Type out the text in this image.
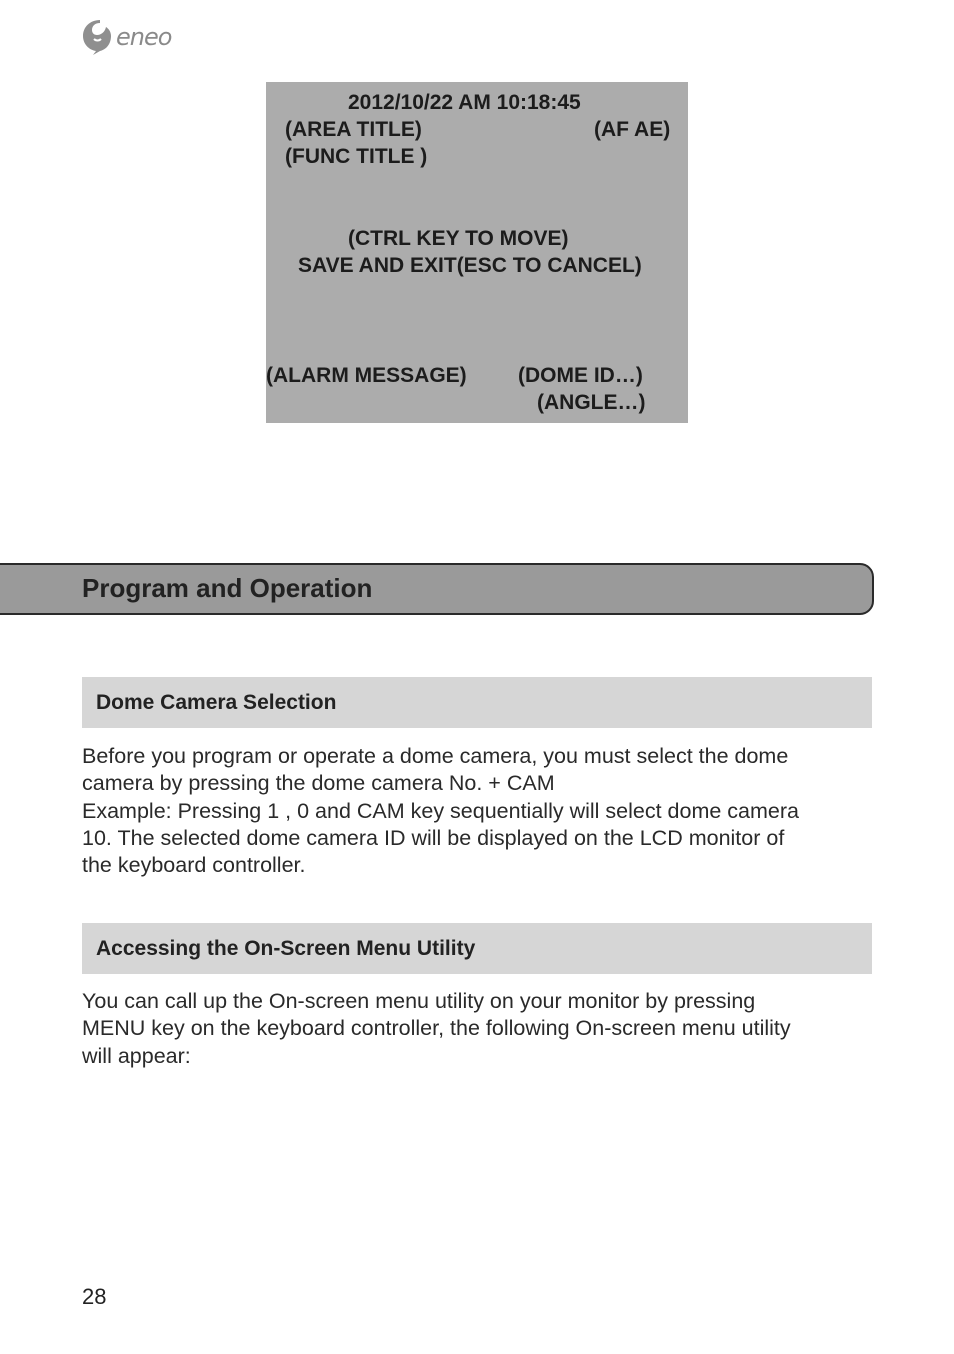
eneo
2012/10/22 AM 10:18:45
(AREA TITLE)	(AF AE)
(FUNC TITLE )
(CTRL KEY TO MOVE)
SAVE AND EXIT(ESC TO CANCEL)
(ALARM MESSAGE) (DOME ID…)
(ANGLE…)
Program and Operation
Dome Camera Selection

Before you program or operate a dome camera, you must select the dome
camera by pressing the dome camera No. + CAM
Example: Pressing 1 , 0 and CAM key sequentially will select dome camera
10. The selected dome camera ID will be displayed on the LCD monitor of
the keyboard controller.

Accessing the On-Screen Menu Utility

You can call up the On-screen menu utility on your monitor by pressing
MENU key on the keyboard controller, the following On-screen menu utility
will appear:

28
